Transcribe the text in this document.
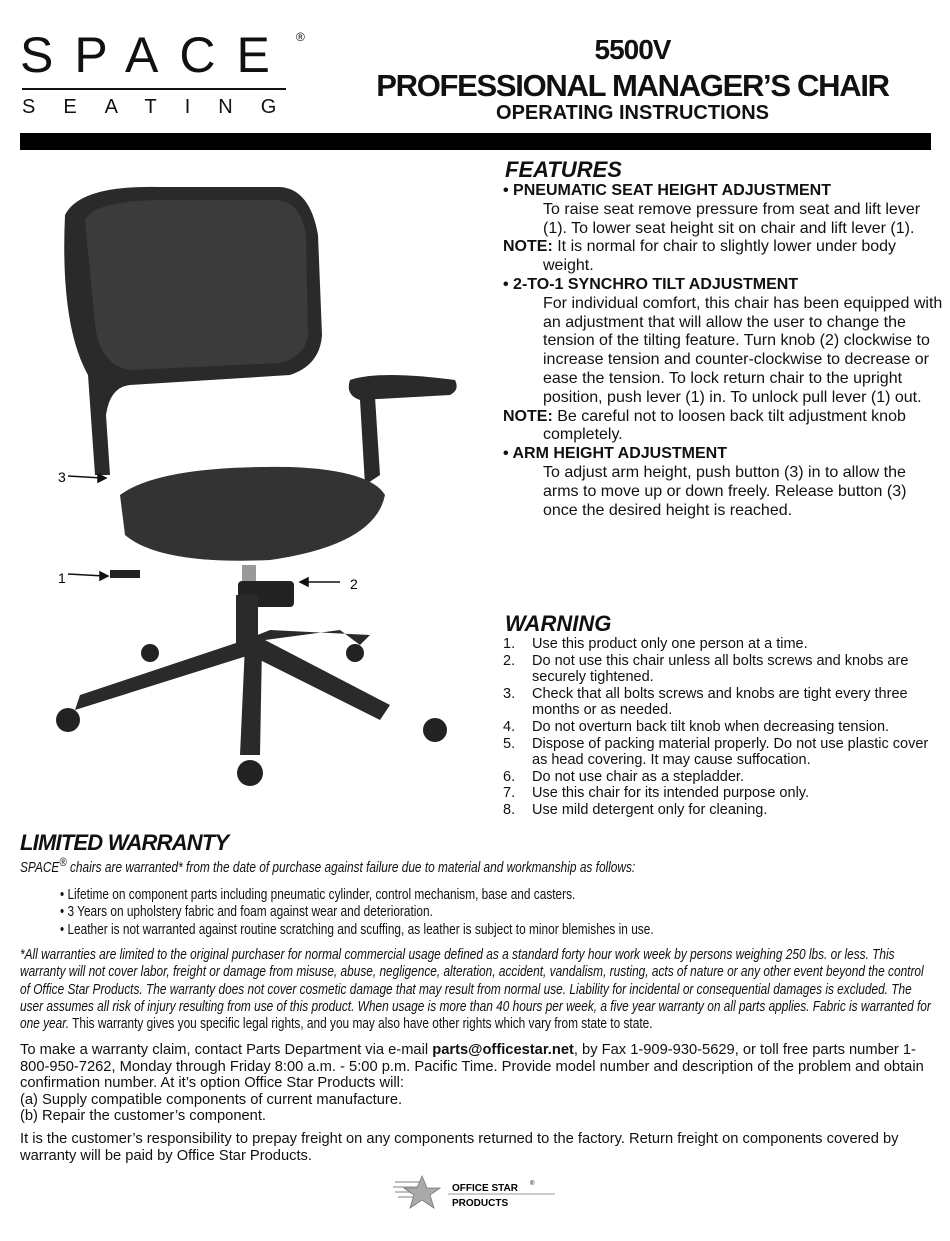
SPACE ®
SEATING
5500V
PROFESSIONAL MANAGER’S CHAIR
OPERATING INSTRUCTIONS
3
1	2
FEATURES
• PNEUMATIC SEAT HEIGHT ADJUSTMENT
To raise seat remove pressure from seat and lift lever (1). To lower seat height sit on chair and lift lever (1).
NOTE: It is normal for chair to slightly lower under body weight.
• 2-TO-1 SYNCHRO TILT ADJUSTMENT
For individual comfort, this chair has been equipped with an adjustment that will allow the user to change the tension of the tilting feature. Turn knob (2) clockwise to increase tension and counter-clockwise to decrease or ease the tension. To lock return chair to the upright position, push lever (1) in. To unlock pull lever (1) out.
NOTE: Be careful not to loosen back tilt adjustment knob completely.
• ARM HEIGHT ADJUSTMENT
To adjust arm height, push button (3) in to allow the arms to move up or down freely. Release button (3) once the desired height is reached.
WARNING
1.	Use this product only one person at a time.
2.	Do not use this chair unless all bolts screws and knobs are securely tightened.
3.	Check that all bolts screws and knobs are tight every three months or as needed.
4.	Do not overturn back tilt knob when decreasing tension.
5.	Dispose of packing material properly. Do not use plastic cover as head covering. It may cause suffocation.
6.	Do not use chair as a stepladder.
7.	Use this chair for its intended purpose only.
8.	Use mild detergent only for cleaning.
LIMITED WARRANTY
SPACE® chairs are warranted* from the date of purchase against failure due to material and workmanship as follows:
• Lifetime on component parts including pneumatic cylinder, control mechanism, base and casters.
• 3 Years on upholstery fabric and foam against wear and deterioration.
• Leather is not warranted against routine scratching and scuffing, as leather is subject to minor blemishes in use.
*All warranties are limited to the original purchaser for normal commercial usage defined as a standard forty hour work week by persons weighing 250 lbs. or less. This warranty will not cover labor, freight or damage from misuse, abuse, negligence, alteration, accident, vandalism, rusting, acts of nature or any other event beyond the control of Office Star Products. The warranty does not cover cosmetic damage that may result from normal use. Liability for incidental or consequential damages is excluded. The user assumes all risk of injury resulting from use of this product. When usage is more than 40 hours per week, a five year warranty on all parts applies. Fabric is warranted for one year. This warranty gives you specific legal rights, and you may also have other rights which vary from state to state.

To make a warranty claim, contact Parts Department via e-mail parts@officestar.net, by Fax 1-909-930-5629, or toll free parts number 1-800-950-7262, Monday through Friday 8:00 a.m. - 5:00 p.m. Pacific Time. Provide model number and description of the problem and obtain confirmation number. At it’s option Office Star Products will:
(a) Supply compatible components of current manufacture.
(b) Repair the customer’s component.

It is the customer’s responsibility to prepay freight on any components returned to the factory. Return freight on components covered by warranty will be paid by Office Star Products.

OFFICE STAR ®
PRODUCTS
